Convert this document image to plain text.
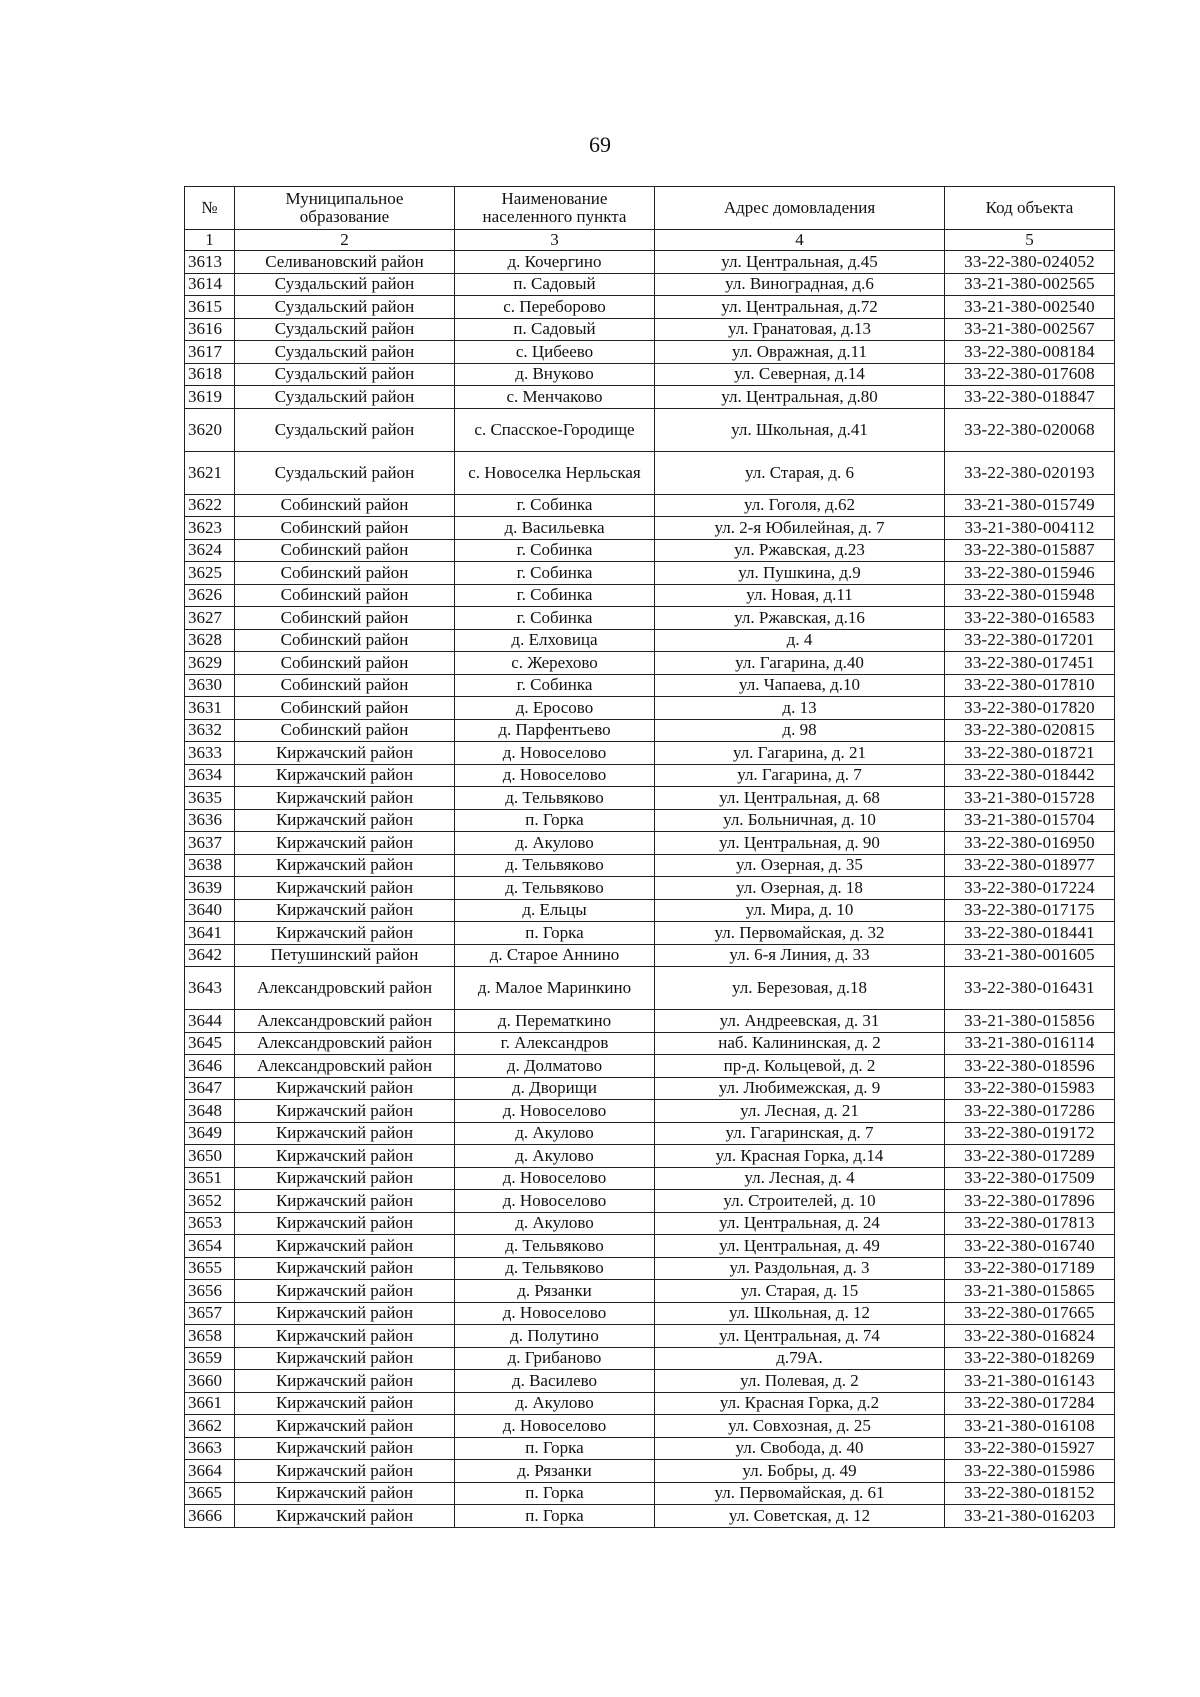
69
№	Муниципальное образование	Наименование населенного пункта	Адрес домовладения	Код объекта
1	2	3	4	5
3613	Селивановский район	д. Кочергино	ул. Центральная, д.45	33-22-380-024052
3614	Суздальский район	п. Садовый	ул. Виноградная, д.6	33-21-380-002565
3615	Суздальский район	с. Переборово	ул. Центральная, д.72	33-21-380-002540
3616	Суздальский район	п. Садовый	ул. Гранатовая, д.13	33-21-380-002567
3617	Суздальский район	с. Цибеево	ул. Овражная, д.11	33-22-380-008184
3618	Суздальский район	д. Внуково	ул. Северная, д.14	33-22-380-017608
3619	Суздальский район	с. Менчаково	ул. Центральная, д.80	33-22-380-018847
3620	Суздальский район	с. Спасское-Городище	ул. Школьная, д.41	33-22-380-020068
3621	Суздальский район	с. Новоселка Нерльская	ул. Старая, д. 6	33-22-380-020193
3622	Собинский район	г. Собинка	ул. Гоголя, д.62	33-21-380-015749
3623	Собинский район	д. Васильевка	ул. 2-я Юбилейная, д. 7	33-21-380-004112
3624	Собинский район	г. Собинка	ул. Ржавская, д.23	33-22-380-015887
3625	Собинский район	г. Собинка	ул. Пушкина, д.9	33-22-380-015946
3626	Собинский район	г. Собинка	ул. Новая, д.11	33-22-380-015948
3627	Собинский район	г. Собинка	ул. Ржавская, д.16	33-22-380-016583
3628	Собинский район	д. Елховица	д. 4	33-22-380-017201
3629	Собинский район	с. Жерехово	ул. Гагарина, д.40	33-22-380-017451
3630	Собинский район	г. Собинка	ул. Чапаева, д.10	33-22-380-017810
3631	Собинский район	д. Еросово	д. 13	33-22-380-017820
3632	Собинский район	д. Парфентьево	д. 98	33-22-380-020815
3633	Киржачский район	д. Новоселово	ул. Гагарина, д. 21	33-22-380-018721
3634	Киржачский район	д. Новоселово	ул. Гагарина, д. 7	33-22-380-018442
3635	Киржачский район	д. Тельвяково	ул. Центральная, д. 68	33-21-380-015728
3636	Киржачский район	п. Горка	ул. Больничная, д. 10	33-21-380-015704
3637	Киржачский район	д. Акулово	ул. Центральная, д. 90	33-22-380-016950
3638	Киржачский район	д. Тельвяково	ул. Озерная, д. 35	33-22-380-018977
3639	Киржачский район	д. Тельвяково	ул. Озерная, д. 18	33-22-380-017224
3640	Киржачский район	д. Ельцы	ул. Мира, д. 10	33-22-380-017175
3641	Киржачский район	п. Горка	ул. Первомайская, д. 32	33-22-380-018441
3642	Петушинский район	д. Старое Аннино	ул. 6-я Линия, д. 33	33-21-380-001605
3643	Александровский район	д. Малое Маринкино	ул. Березовая, д.18	33-22-380-016431
3644	Александровский район	д. Перематкино	ул. Андреевская, д. 31	33-21-380-015856
3645	Александровский район	г. Александров	наб. Калининская, д. 2	33-21-380-016114
3646	Александровский район	д. Долматово	пр-д. Кольцевой, д. 2	33-22-380-018596
3647	Киржачский район	д. Дворищи	ул. Любимежская, д. 9	33-22-380-015983
3648	Киржачский район	д. Новоселово	ул. Лесная, д. 21	33-22-380-017286
3649	Киржачский район	д. Акулово	ул. Гагаринская, д. 7	33-22-380-019172
3650	Киржачский район	д. Акулово	ул. Красная Горка, д.14	33-22-380-017289
3651	Киржачский район	д. Новоселово	ул. Лесная, д. 4	33-22-380-017509
3652	Киржачский район	д. Новоселово	ул. Строителей, д. 10	33-22-380-017896
3653	Киржачский район	д. Акулово	ул. Центральная, д. 24	33-22-380-017813
3654	Киржачский район	д. Тельвяково	ул. Центральная, д. 49	33-22-380-016740
3655	Киржачский район	д. Тельвяково	ул. Раздольная, д. 3	33-22-380-017189
3656	Киржачский район	д. Рязанки	ул. Старая, д. 15	33-21-380-015865
3657	Киржачский район	д. Новоселово	ул. Школьная, д. 12	33-22-380-017665
3658	Киржачский район	д. Полутино	ул. Центральная, д. 74	33-22-380-016824
3659	Киржачский район	д. Грибаново	д.79А.	33-22-380-018269
3660	Киржачский район	д. Василево	ул. Полевая, д. 2	33-21-380-016143
3661	Киржачский район	д. Акулово	ул. Красная Горка, д.2	33-22-380-017284
3662	Киржачский район	д. Новоселово	ул. Совхозная, д. 25	33-21-380-016108
3663	Киржачский район	п. Горка	ул. Свобода, д. 40	33-22-380-015927
3664	Киржачский район	д. Рязанки	ул. Бобры, д. 49	33-22-380-015986
3665	Киржачский район	п. Горка	ул. Первомайская, д. 61	33-22-380-018152
3666	Киржачский район	п. Горка	ул. Советская, д. 12	33-21-380-016203
